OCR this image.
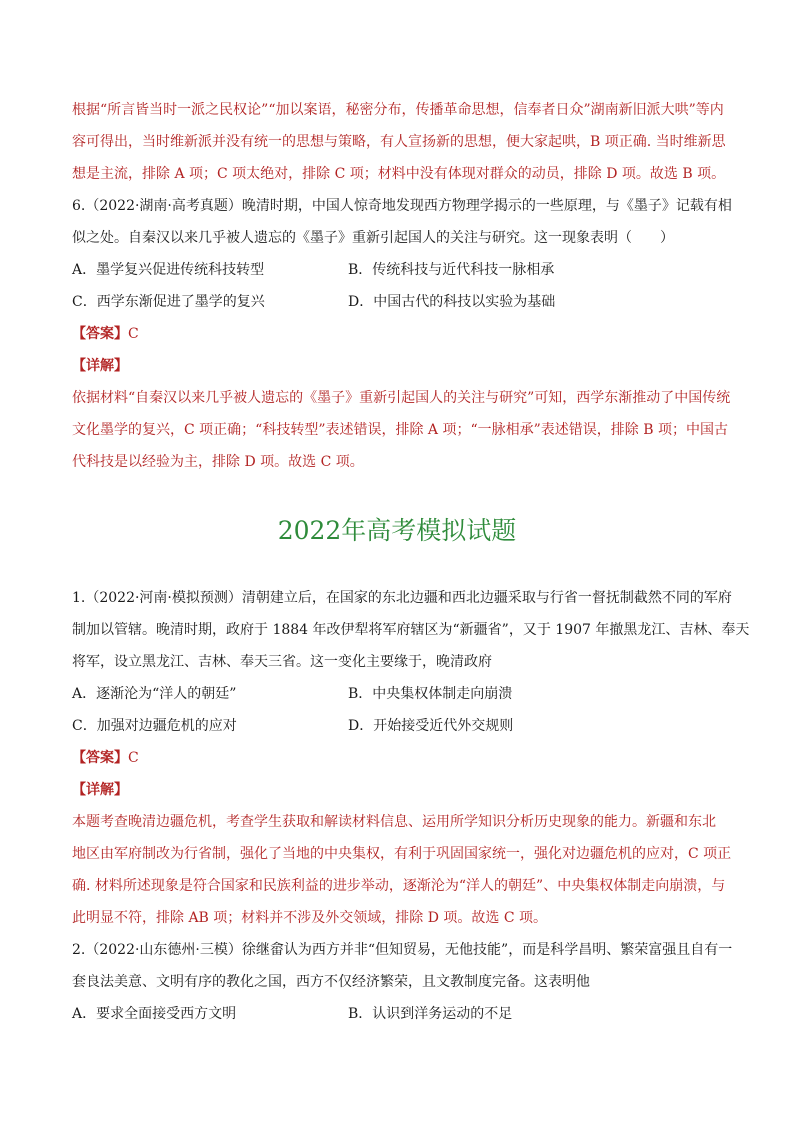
根据“所言皆当时一派之民权论”“加以案语，秘密分布，传播革命思想，信奉者日众”湖南新旧派大哄”等内
容可得出，当时维新派并没有统一的思想与策略，有人宣扬新的思想，便大家起哄，B 项正确. 当时维新思
想是主流，排除 A 项；C 项太绝对，排除 C 项；材料中没有体现对群众的动员，排除 D 项。故选 B 项。
6.（2022·湖南·高考真题）晚清时期，中国人惊奇地发现西方物理学揭示的一些原理，与《墨子》记载有相
似之处。自秦汉以来几乎被人遗忘的《墨子》重新引起国人的关注与研究。这一现象表明（　　）
A．墨学复兴促进传统科技转型	B．传统科技与近代科技一脉相承
C．西学东渐促进了墨学的复兴	D．中国古代的科技以实验为基础
【答案】C
【详解】
依据材料“自秦汉以来几乎被人遗忘的《墨子》重新引起国人的关注与研究”可知，西学东渐推动了中国传统
文化墨学的复兴，C 项正确；“科技转型”表述错误，排除 A 项；“一脉相承”表述错误，排除 B 项；中国古
代科技是以经验为主，排除 D 项。故选 C 项。
2022年高考模拟试题
1.（2022·河南·模拟预测）清朝建立后，在国家的东北边疆和西北边疆采取与行省一督抚制截然不同的军府
制加以管辖。晚清时期，政府于 1884 年改伊犁将军府辖区为“新疆省”，又于 1907 年撤黑龙江、吉林、奉天
将军，设立黑龙江、吉林、奉天三省。这一变化主要缘于，晚清政府
A．逐渐沦为“洋人的朝廷”	B．中央集权体制走向崩溃
C．加强对边疆危机的应对	D．开始接受近代外交规则
【答案】C
【详解】
本题考查晚清边疆危机，考查学生获取和解读材料信息、运用所学知识分析历史现象的能力。新疆和东北
地区由军府制改为行省制，强化了当地的中央集权，有利于巩固国家统一，强化对边疆危机的应对，C 项正
确. 材料所述现象是符合国家和民族利益的进步举动，逐渐沦为“洋人的朝廷”、中央集权体制走向崩溃，与
此明显不符，排除 AB 项；材料并不涉及外交领域，排除 D 项。故选 C 项。
2.（2022·山东德州·三模）徐继畲认为西方并非“但知贸易，无他技能”，而是科学昌明、繁荣富强且自有一
套良法美意、文明有序的教化之国，西方不仅经济繁荣，且文教制度完备。这表明他
A．要求全面接受西方文明	B．认识到洋务运动的不足
